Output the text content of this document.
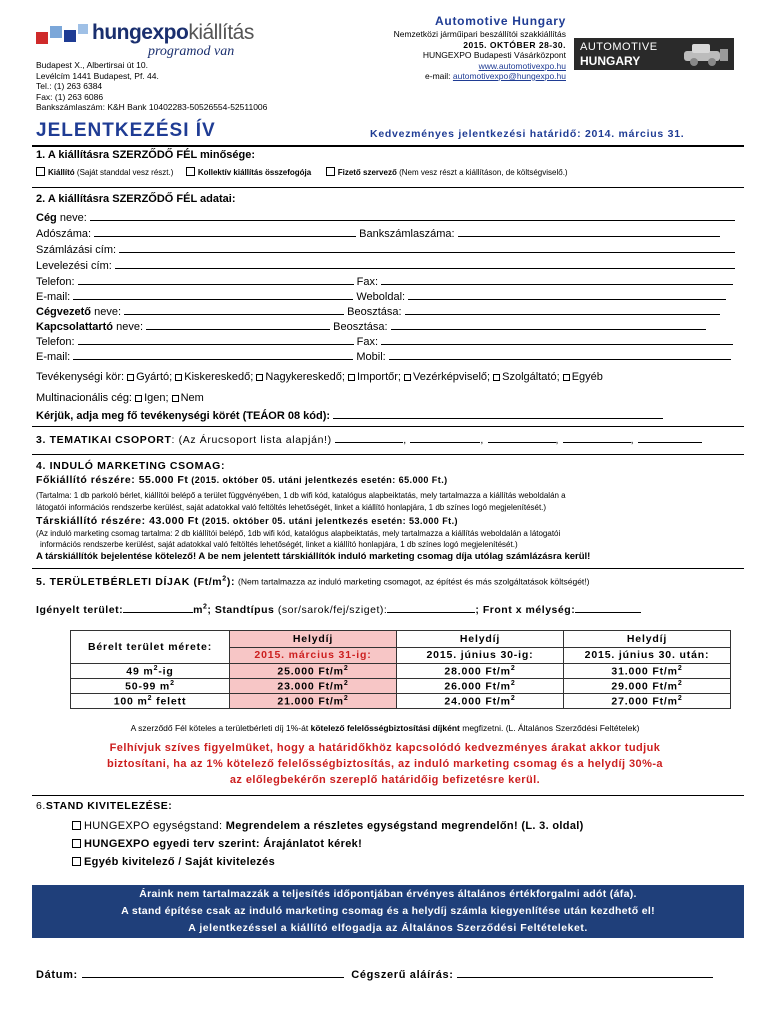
hungexpokiállítás
programod van
Budapest X., Albertirsai út 10.
Levélcím 1441 Budapest, Pf. 44.
Tel.: (1) 263 6384
Fax: (1) 263 6086
Bankszámlaszám: K&H Bank 10402283-50526554-52511006
Automotive Hungary
Nemzetközi járműipari beszállítói szakkiállítás
2015. OKTÓBER 28-30.
HUNGEXPO Budapesti Vásárközpont
www.automotivexpo.hu
e-mail: automotivexpo@hungexpo.hu
AUTOMOTIVE
HUNGARY
JELENTKEZÉSI ÍV	Kedvezményes jelentkezési határidő: 2014. március 31.
1. A kiállításra SZERZŐDŐ FÉL minősége:
Kiállító (Saját standdal vesz részt.)	Kollektív kiállítás összefogója	Fizető szervező (Nem vesz részt a kiállításon, de költségviselő.)
2. A kiállításra SZERZŐDŐ FÉL adatai:
Cég neve:
Adószáma:	Bankszámlaszáma:
Számlázási cím:
Levelezési cím:
Telefon:	Fax:
E-mail:	Weboldal:
Cégvezető neve:	Beosztása:
Kapcsolattartó neve:	Beosztása:
Telefon:	Fax:
E-mail:	Mobil:
Tevékenységi kör: Gyártó; Kiskereskedő; Nagykereskedő; Importőr; Vezérképviselő; Szolgáltató; Egyéb
Multinacionális cég: Igen; Nem
Kérjük, adja meg fő tevékenységi körét (TEÁOR 08 kód):
3. TEMATIKAI CSOPORT: (Az Árucsoport lista alapján!)	,	,	,	,
4. INDULÓ MARKETING CSOMAG:
Főkiállító részére: 55.000 Ft (2015. október 05. utáni jelentkezés esetén: 65.000 Ft.)
(Tartalma: 1 db parkoló bérlet, kiállítói belépő a terület függvényében, 1 db wifi kód, katalógus alapbeiktatás, mely tartalmazza a kiállítás weboldalán a
látogatói információs rendszerbe kerülést, saját adatokkal való feltöltés lehetőségét, linket a kiállító honlapjára, 1 db színes logó megjelenítését.)
Társkiállító részére: 43.000 Ft (2015. október 05. utáni jelentkezés esetén: 53.000 Ft.)
(Az induló marketing csomag tartalma: 2 db kiállítói belépő, 1db wifi kód, katalógus alapbeiktatás, mely tartalmazza a kiállítás weboldalán a látogatói
információs rendszerbe kerülést, saját adatokkal való feltöltés lehetőségét, linket a kiállító honlapjára, 1 db színes logó megjelenítését.)
A társkiállítók bejelentése kötelező! A be nem jelentett társkiállítók induló marketing csomag díja utólag számlázásra kerül!
5. TERÜLETBÉRLETI DÍJAK $(Ft/m^2)$: (Nem tartalmazza az induló marketing csomagot, az építést és más szolgáltatások költségét!)
Igényelt terület:	$m^2$; Standtípus (sor/sarok/fej/sziget):	; Front x mélység:
Bérelt terület mérete:	Helydíj	Helydíj	Helydíj
	2015. március 31-ig:	2015. június 30-ig:	2015. június 30. után:
49 $m^2-ig$	25.000 $Ft/m^2$	28.000 $Ft/m^2$	31.000 $Ft/m^2$
50-99 $m^2$	23.000 $Ft/m^2$	26.000 $Ft/m^2$	29.000 $Ft/m^2$
100 $m^2$ felett	21.000 $Ft/m^2$	24.000 $Ft/m^2$	27.000 $Ft/m^2$
A szerződő Fél köteles a területbérleti díj 1%-át kötelező felelősségbiztosítási díjként megfizetni. (L. Általános Szerződési Feltételek)
Felhívjuk szíves figyelmüket, hogy a határidőkhöz kapcsolódó kedvezményes árakat akkor tudjuk
biztosítani, ha az 1% kötelező felelősségbiztosítás, az induló marketing csomag és a helydíj 30%-a
az előlegbekérőn szereplő határidőig befizetésre kerül.
6.STAND KIVITELEZÉSE:
HUNGEXPO egységstand: Megrendelem a részletes egységstand megrendelőn! (L. 3. oldal)
HUNGEXPO egyedi terv szerint: Árajánlatot kérek!
Egyéb kivitelező / Saját kivitelezés
Áraink nem tartalmazzák a teljesítés időpontjában érvényes általános értékforgalmi adót (áfa).
A stand építése csak az induló marketing csomag és a helydíj számla kiegyenlítése után kezdhető el!
A jelentkezéssel a kiállító elfogadja az Általános Szerződési Feltételeket.
Dátum:	Cégszerű aláírás:
